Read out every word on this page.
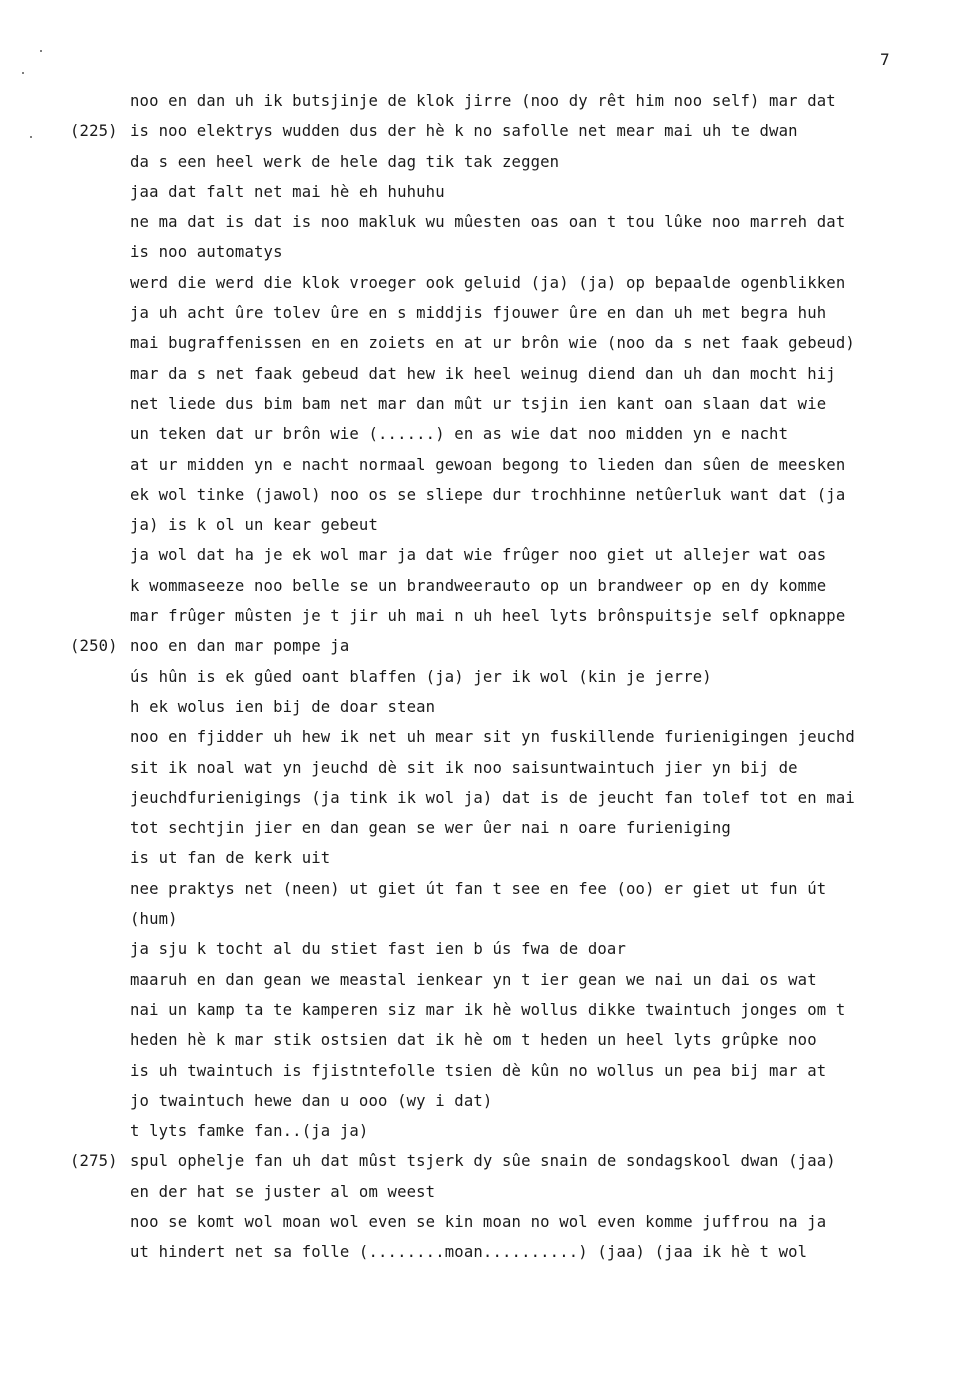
7
noo en dan uh ik butsjinje de klok jirre (noo dy rêt him noo self) mar dat
(225) is noo elektrys wudden dus der hè k no safolle net mear mai uh te dwan
da s een heel werk de hele dag tik tak zeggen
jaa dat falt net mai hè eh huhuhu
ne ma dat is dat is noo makluk wu mûesten oas oan t tou lûke noo marreh dat
is noo automatys
werd die werd die klok vroeger ook geluid (ja) (ja) op bepaalde ogenblikken
ja uh acht ûre tolev ûre en s middjis fjouwer ûre en dan uh met begra huh
mai bugraffenissen en en zoiets en at ur brôn wie (noo da s net faak gebeud)
mar da s net faak gebeud dat hew ik heel weinug diend dan uh dan mocht hij
net liede dus bim bam net mar dan mût ur tsjin ien kant oan slaan dat wie
un teken dat ur brôn wie (......) en as wie dat noo midden yn e nacht
at ur midden yn e nacht normaal gewoan begong to lieden dan sûen de meesken
ek wol tinke (jawol) noo os se sliepe dur trochhinne netûerluk want dat (ja
ja) is k ol un kear gebeut
ja wol dat ha je ek wol mar ja dat wie frûger noo giet ut allejer wat oas
k wommaseeze noo belle se un brandweerauto op un brandweer op en dy komme
mar frûger mûsten je t jir uh mai n uh heel lyts brônspuitsje self opknappe
(250) noo en dan mar pompe ja
ús hûn is ek gûed oant blaffen (ja) jer ik wol (kin je jerre)
h ek wolus ien bij de doar stean
noo en fjidder uh hew ik net uh mear sit yn fuskillende furienigingen jeuchd
sit ik noal wat yn jeuchd dè sit ik noo saisuntwaintuch jier yn bij de
jeuchdfurienigings (ja tink ik wol ja) dat is de jeucht fan tolef tot en mai
tot sechtjin jier en dan gean se wer ûer nai n oare furieniging
is ut fan de kerk uit
nee praktys net (neen) ut giet út fan t see en fee (oo) er giet ut fun út
(hum)
ja sju k tocht al du stiet fast ien b ús fwa de doar
maaruh en dan gean we meastal ienkear yn t ier gean we nai un dai os wat
nai un kamp ta te kamperen siz mar ik hè wollus dikke twaintuch jonges om t
heden hè k mar stik ostsien dat ik hè om t heden un heel lyts grûpke noo
is uh twaintuch is fjistntefolle tsien dè kûn no wollus un pea bij mar at
jo twaintuch hewe dan u ooo (wy i dat)
t lyts famke fan..(ja ja)
(275) spul ophelje fan uh dat mûst tsjerk dy sûe snain de sondagskool dwan (jaa)
en der hat se juster al om weest
noo se komt wol moan wol even se kin moan no wol even komme juffrou na ja
ut hindert net sa folle (........moan..........) (jaa) (jaa ik hè t wol
